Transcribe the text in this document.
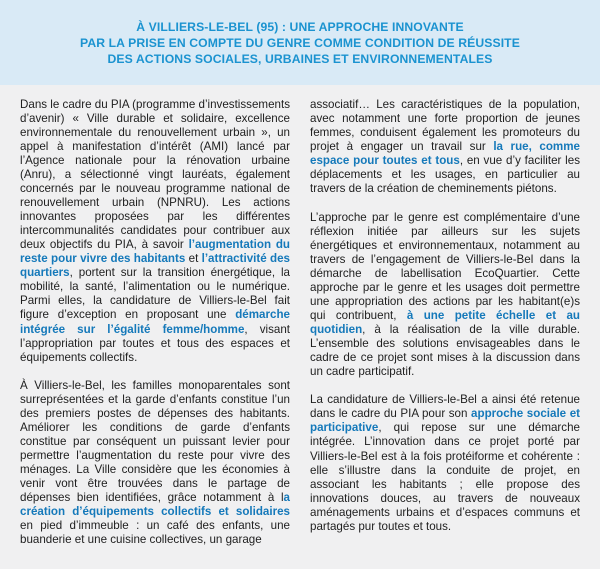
À VILLIERS-LE-BEL (95) : UNE APPROCHE INNOVANTE
PAR LA PRISE EN COMPTE DU GENRE COMME CONDITION DE RÉUSSITE
DES ACTIONS SOCIALES, URBAINES ET ENVIRONNEMENTALES

Dans le cadre du PIA (programme d’investissements d’avenir) « Ville durable et solidaire, excellence environnementale du renouvellement urbain », un appel à manifestation d’intérêt (AMI) lancé par l’Agence nationale pour la rénovation urbaine (Anru), a sélectionné vingt lauréats, également concernés par le nouveau programme national de renouvellement urbain (NPNRU). Les actions innovantes proposées par les différentes intercommunalités candidates pour contribuer aux deux objectifs du PIA, à savoir l’augmentation du reste pour vivre des habitants et l’attractivité des quartiers, portent sur la transition énergétique, la mobilité, la santé, l’alimentation ou le numérique. Parmi elles, la candidature de Villiers-le-Bel fait figure d’exception en proposant une démarche intégrée sur l’égalité femme/homme, visant l’appropriation par toutes et tous des espaces et équipements collectifs.

À Villiers-le-Bel, les familles monoparentales sont surreprésentées et la garde d’enfants constitue l’un des premiers postes de dépenses des habitants. Améliorer les conditions de garde d’enfants constitue par conséquent un puissant levier pour permettre l’augmentation du reste pour vivre des ménages. La Ville considère que les économies à venir vont être trouvées dans le partage de dépenses bien identifiées, grâce notamment à la création d’équipements collectifs et solidaires en pied d’immeuble : un café des enfants, une buanderie et une cuisine collectives, un garage

associatif… Les caractéristiques de la population, avec notamment une forte proportion de jeunes femmes, conduisent également les promoteurs du projet à engager un travail sur la rue, comme espace pour toutes et tous, en vue d’y faciliter les déplacements et les usages, en particulier au travers de la création de cheminements piétons.

L’approche par le genre est complémentaire d’une réflexion initiée par ailleurs sur les sujets énergétiques et environnementaux, notamment au travers de l’engagement de Villiers-le-Bel dans la démarche de labellisation EcoQuartier. Cette approche par le genre et les usages doit permettre une appropriation des actions par les habitant(e)s qui contribuent, à une petite échelle et au quotidien, à la réalisation de la ville durable. L’ensemble des solutions envisageables dans le cadre de ce projet sont mises à la discussion dans un cadre participatif.

La candidature de Villiers-le-Bel a ainsi été retenue dans le cadre du PIA pour son approche sociale et participative, qui repose sur une démarche intégrée. L’innovation dans ce projet porté par Villiers-le-Bel est à la fois protéiforme et cohérente : elle s’illustre dans la conduite de projet, en associant les habitants ; elle propose des innovations douces, au travers de nouveaux aménagements urbains et d’espaces communs et partagés pur toutes et tous.
